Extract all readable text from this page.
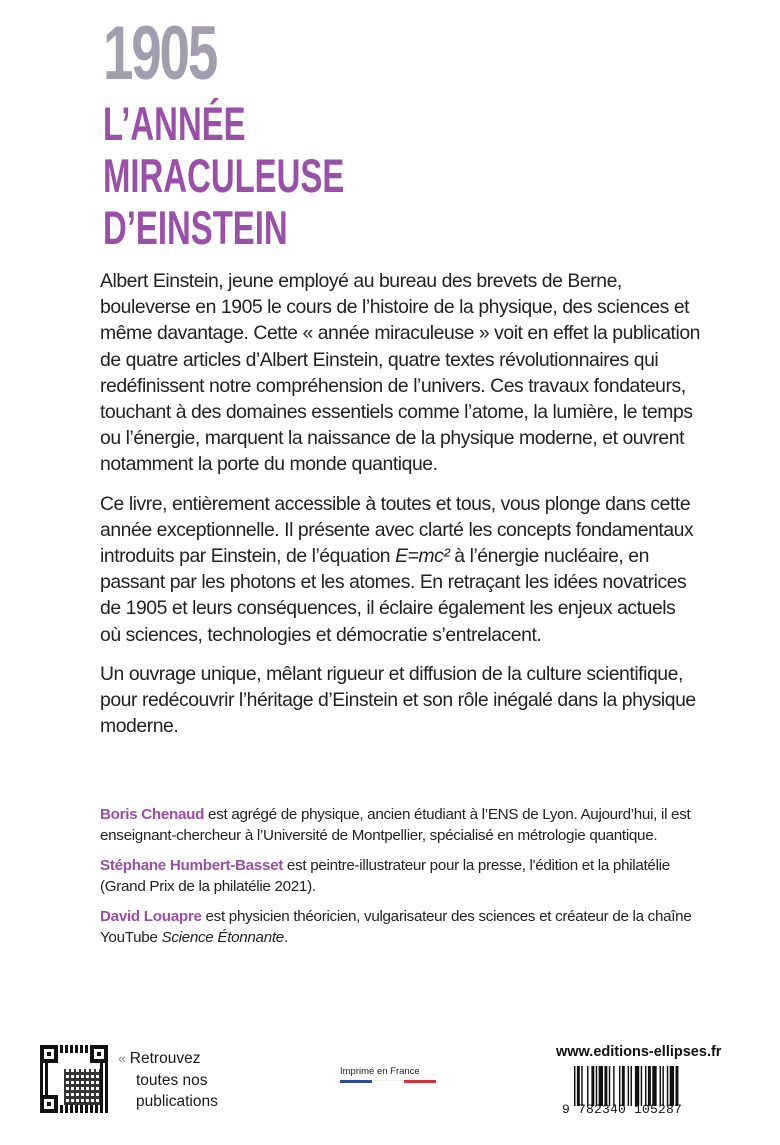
1905
L’ANNÉE
MIRACULEUSE
D’EINSTEIN

Albert Einstein, jeune employé au bureau des brevets de Berne, bouleverse en 1905 le cours de l’histoire de la physique, des sciences et même davantage. Cette « année miraculeuse » voit en effet la publication de quatre articles d’Albert Einstein, quatre textes révolutionnaires qui redéfinissent notre compréhension de l’univers. Ces travaux fondateurs, touchant à des domaines essentiels comme l’atome, la lumière, le temps ou l’énergie, marquent la naissance de la physique moderne, et ouvrent notamment la porte du monde quantique.

Ce livre, entièrement accessible à toutes et tous, vous plonge dans cette année exceptionnelle. Il présente avec clarté les concepts fondamentaux introduits par Einstein, de l’équation E=mc² à l’énergie nucléaire, en passant par les photons et les atomes. En retraçant les idées novatrices de 1905 et leurs conséquences, il éclaire également les enjeux actuels où sciences, technologies et démocratie s’entrelacent.

Un ouvrage unique, mêlant rigueur et diffusion de la culture scientifique, pour redécouvrir l’héritage d’Einstein et son rôle inégalé dans la physique moderne.

Boris Chenaud est agrégé de physique, ancien étudiant à l’ENS de Lyon. Aujourd’hui, il est enseignant-chercheur à l’Université de Montpellier, spécialisé en métrologie quantique.

Stéphane Humbert-Basset est peintre-illustrateur pour la presse, l'édition et la philatélie (Grand Prix de la philatélie 2021).

David Louapre est physicien théoricien, vulgarisateur des sciences et créateur de la chaîne YouTube Science Étonnante.

« Retrouvez
toutes nos
publications
Imprimé en France
www.editions-ellipses.fr
9 782340 105287
